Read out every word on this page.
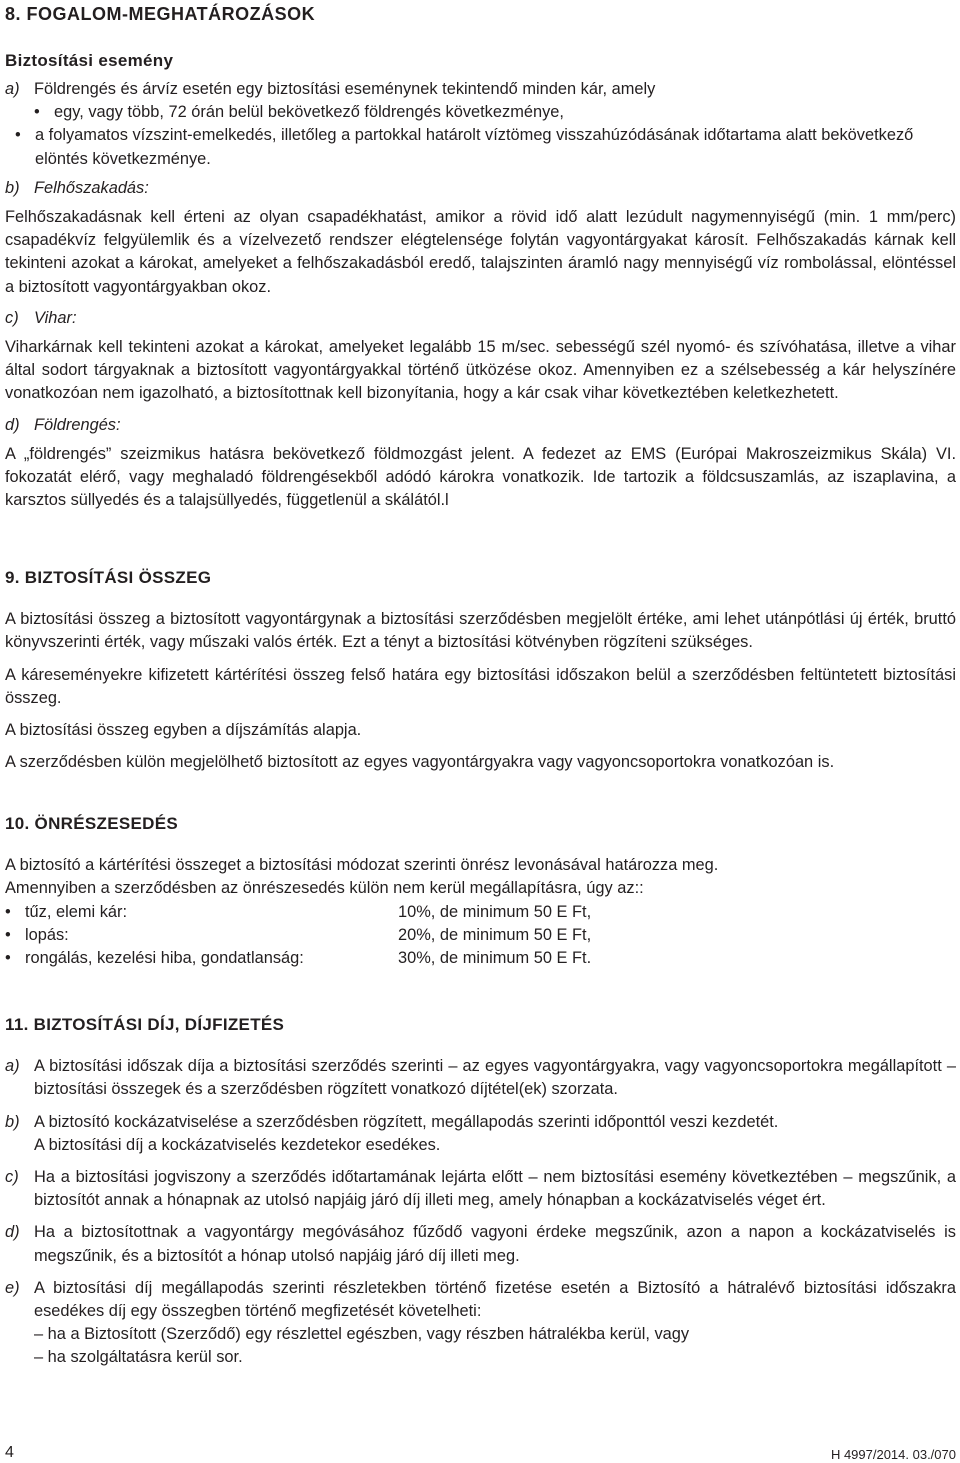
8. FOGALOM-MEGHATÁROZÁSOK

Biztosítási esemény

a) Földrengés és árvíz esetén egy biztosítási eseménynek tekintendő minden kár, amely

• egy, vagy több, 72 órán belül bekövetkező földrengés következménye,
• a folyamatos vízszint-emelkedés, illetőleg a partokkal határolt víztömeg visszahúzódásának időtartama alatt bekövetkező elöntés következménye.
b) Felhőszakadás:

Felhőszakadásnak kell érteni az olyan csapadékhatást, amikor a rövid idő alatt lezúdult nagymennyiségű (min. 1 mm/perc) csapadékvíz felgyülemlik és a vízelvezető rendszer elégtelensége folytán vagyontárgyakat károsít. Felhőszakadás kárnak kell tekinteni azokat a károkat, amelyeket a felhőszakadásból eredő, talajszinten áramló nagy mennyiségű víz rombolással, elöntéssel a biztosított vagyontárgyakban okoz.

c) Vihar:

Viharkárnak kell tekinteni azokat a károkat, amelyeket legalább 15 m/sec. sebességű szél nyomó- és szívóhatása, illetve a vihar által sodort tárgyaknak a biztosított vagyontárgyakkal történő ütközése okoz. Amennyiben ez a szélsebesség a kár helyszínére vonatkozóan nem igazolható, a biztosítottnak kell bizonyítania, hogy a kár csak vihar következtében keletkezhetett.

d) Földrengés:

A „földrengés” szeizmikus hatásra bekövetkező földmozgást jelent. A fedezet az EMS (Európai Makroszeizmikus Skála) VI. fokozatát elérő, vagy meghaladó földrengésekből adódó károkra vonatkozik. Ide tartozik a földcsuszamlás, az iszaplavina, a karsztos süllyedés és a talajsüllyedés, függetlenül a skálától.l

9. BIZTOSÍTÁSI ÖSSZEG

A biztosítási összeg a biztosított vagyontárgynak a biztosítási szerződésben megjelölt értéke, ami lehet utánpótlási új érték, bruttó könyvszerinti érték, vagy műszaki valós érték. Ezt a tényt a biztosítási kötvényben rögzíteni szükséges.

A káreseményekre kifizetett kártérítési összeg felső határa egy biztosítási időszakon belül a szerződésben feltüntetett biztosítási összeg.

A biztosítási összeg egyben a díjszámítás alapja.

A szerződésben külön megjelölhető biztosított az egyes vagyontárgyakra vagy vagyoncsoportokra vonatkozóan is.

10. ÖNRÉSZESEDÉS

A biztosító a kártérítési összeget a biztosítási módozat szerinti önrész levonásával határozza meg.

Amennyiben a szerződésben az önrészesedés külön nem kerül megállapításra, úgy az::

•	tűz, elemi kár:	10%, de minimum 50 E Ft,
•	lopás:	20%, de minimum 50 E Ft,
•	rongálás, kezelési hiba, gondatlanság:	30%, de minimum 50 E Ft.

11. BIZTOSÍTÁSI DÍJ, DÍJFIZETÉS

a) A biztosítási időszak díja a biztosítási szerződés szerinti – az egyes vagyontárgyakra, vagy vagyoncsoportokra megállapított – biztosítási összegek és a szerződésben rögzített vonatkozó díjtétel(ek) szorzata.

b) A biztosító kockázatviselése a szerződésben rögzített, megállapodás szerinti időponttól veszi kezdetét.

A biztosítási díj a kockázatviselés kezdetekor esedékes.

c) Ha a biztosítási jogviszony a szerződés időtartamának lejárta előtt – nem biztosítási esemény következtében – megszűnik, a biztosítót annak a hónapnak az utolsó napjáig járó díj illeti meg, amely hónapban a kockázatviselés véget ért.

d) Ha a biztosítottnak a vagyontárgy megóvásához fűződő vagyoni érdeke megszűnik, azon a napon a kockázatviselés is megszűnik, és a biztosítót a hónap utolsó napjáig járó díj illeti meg.

e) A biztosítási díj megállapodás szerinti részletekben történő fizetése esetén a Biztosító a hátralévő biztosítási időszakra esedékes díj egy összegben történő megfizetését követelheti:

– ha a Biztosított (Szerződő) egy részlettel egészben, vagy részben hátralékba kerül, vagy

– ha szolgáltatásra kerül sor.

4	H 4997/2014. 03./070
